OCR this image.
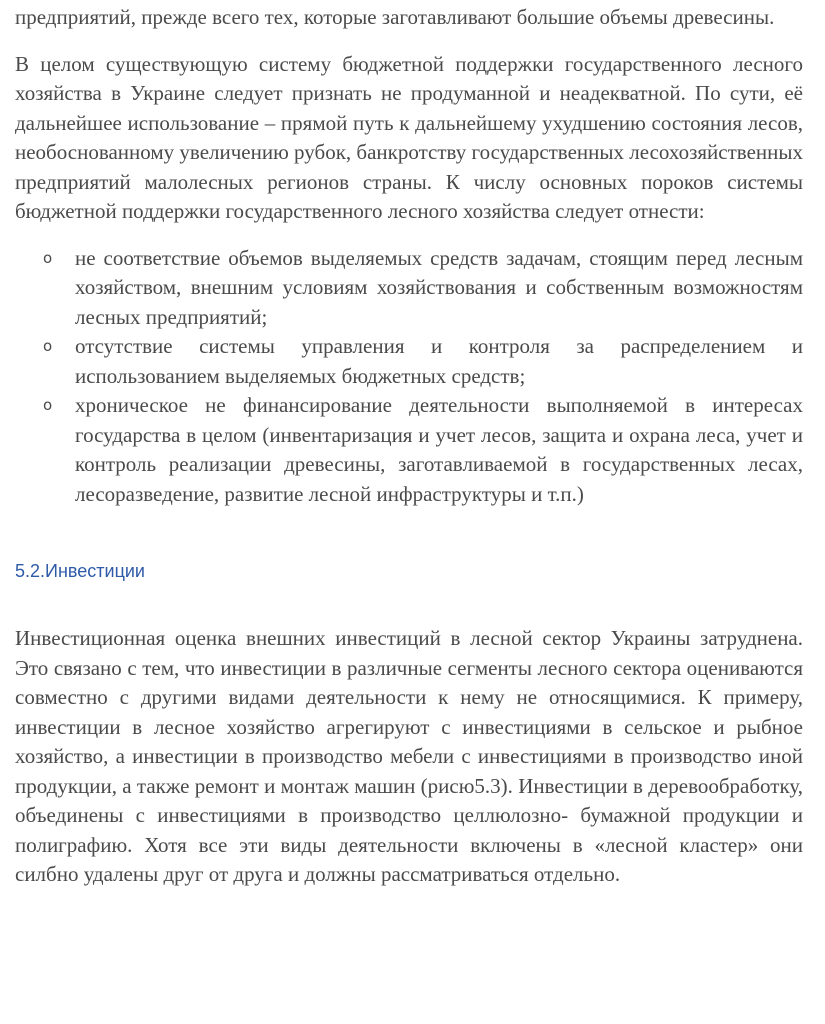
предприятий, прежде всего тех, которые заготавливают большие объемы древесины.

В целом существующую систему бюджетной поддержки государственного лесного хозяйства в Украине следует признать не продуманной и неадекватной. По сути, её дальнейшее использование – прямой путь к дальнейшему ухудшению состояния лесов, необоснованному увеличению рубок, банкротству государственных лесохозяйственных предприятий малолесных регионов страны. К числу основных пороков системы бюджетной поддержки государственного лесного хозяйства следует отнести:

o не соответствие объемов выделяемых средств задачам, стоящим перед лесным хозяйством, внешним условиям хозяйствования и собственным возможностям лесных предприятий;
o отсутствие системы управления и контроля за распределением и использованием выделяемых бюджетных средств;
o хроническое не финансирование деятельности выполняемой в интересах государства в целом (инвентаризация и учет лесов, защита и охрана леса, учет и контроль реализации древесины, заготавливаемой в государственных лесах, лесоразведение, развитие лесной инфраструктуры и т.п.)
5.2.Инвестиции

Инвестиционная оценка внешних инвестиций в лесной сектор Украины затруднена. Это связано с тем, что инвестиции в различные сегменты лесного сектора оцениваются совместно с другими видами деятельности к нему не относящимися. К примеру, инвестиции в лесное хозяйство агрегируют с инвестициями в сельское и рыбное хозяйство, а инвестиции в производство мебели с инвестициями в производство иной продукции, а также ремонт и монтаж машин (рисю5.3). Инвестиции в деревообработку, объединены с инвестициями в производство целлюлозно- бумажной продукции и полиграфию. Хотя все эти виды деятельности включены в «лесной кластер» они силбно удалены друг от друга и должны рассматриваться отдельно.
